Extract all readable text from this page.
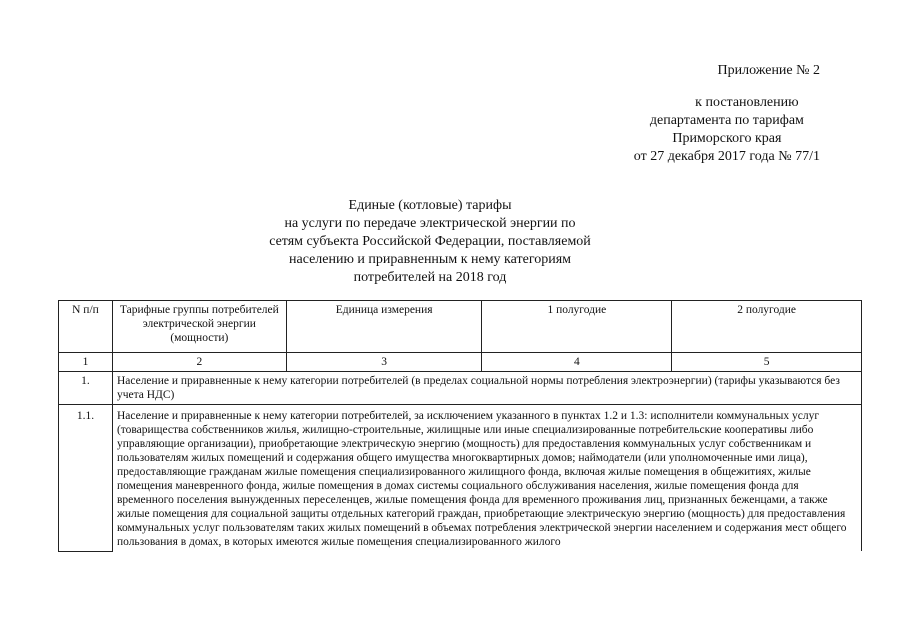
Приложение № 2
к постановлению
департамента по тарифам
Приморского края
от 27 декабря 2017 года № 77/1
Единые (котловые) тарифы
на услуги по передаче электрической энергии по
сетям субъекта Российской Федерации, поставляемой
населению и приравненным к нему категориям
потребителей на 2018 год
N п/п	Тарифные группы потребителей электрической энергии (мощности)	Единица измерения	1 полугодие	2 полугодие
1	2	3	4	5
1.	Население и приравненные к нему категории потребителей (в пределах социальной нормы потребления электроэнергии) (тарифы указываются без учета НДС)			
1.1.	Население и приравненные к нему категории потребителей, за исключением указанного в пунктах 1.2 и 1.3: исполнители коммунальных услуг (товарищества собственников жилья, жилищно-строительные, жилищные или иные специализированные потребительские кооперативы либо управляющие организации), приобретающие электрическую энергию (мощность) для предоставления коммунальных услуг собственникам и пользователям жилых помещений и содержания общего имущества многоквартирных домов; наймодатели (или уполномоченные ими лица), предоставляющие гражданам жилые помещения специализированного жилищного фонда, включая жилые помещения в общежитиях, жилые помещения маневренного фонда, жилые помещения в домах системы социального обслуживания населения, жилые помещения фонда для временного поселения вынужденных переселенцев, жилые помещения фонда для временного проживания лиц, признанных беженцами, а также жилые помещения для социальной защиты отдельных категорий граждан, приобретающие электрическую энергию (мощность) для предоставления коммунальных услуг пользователям таких жилых помещений в объемах потребления электрической энергии населением и содержания мест общего пользования в домах, в которых имеются жилые помещения специализированного жилого			
